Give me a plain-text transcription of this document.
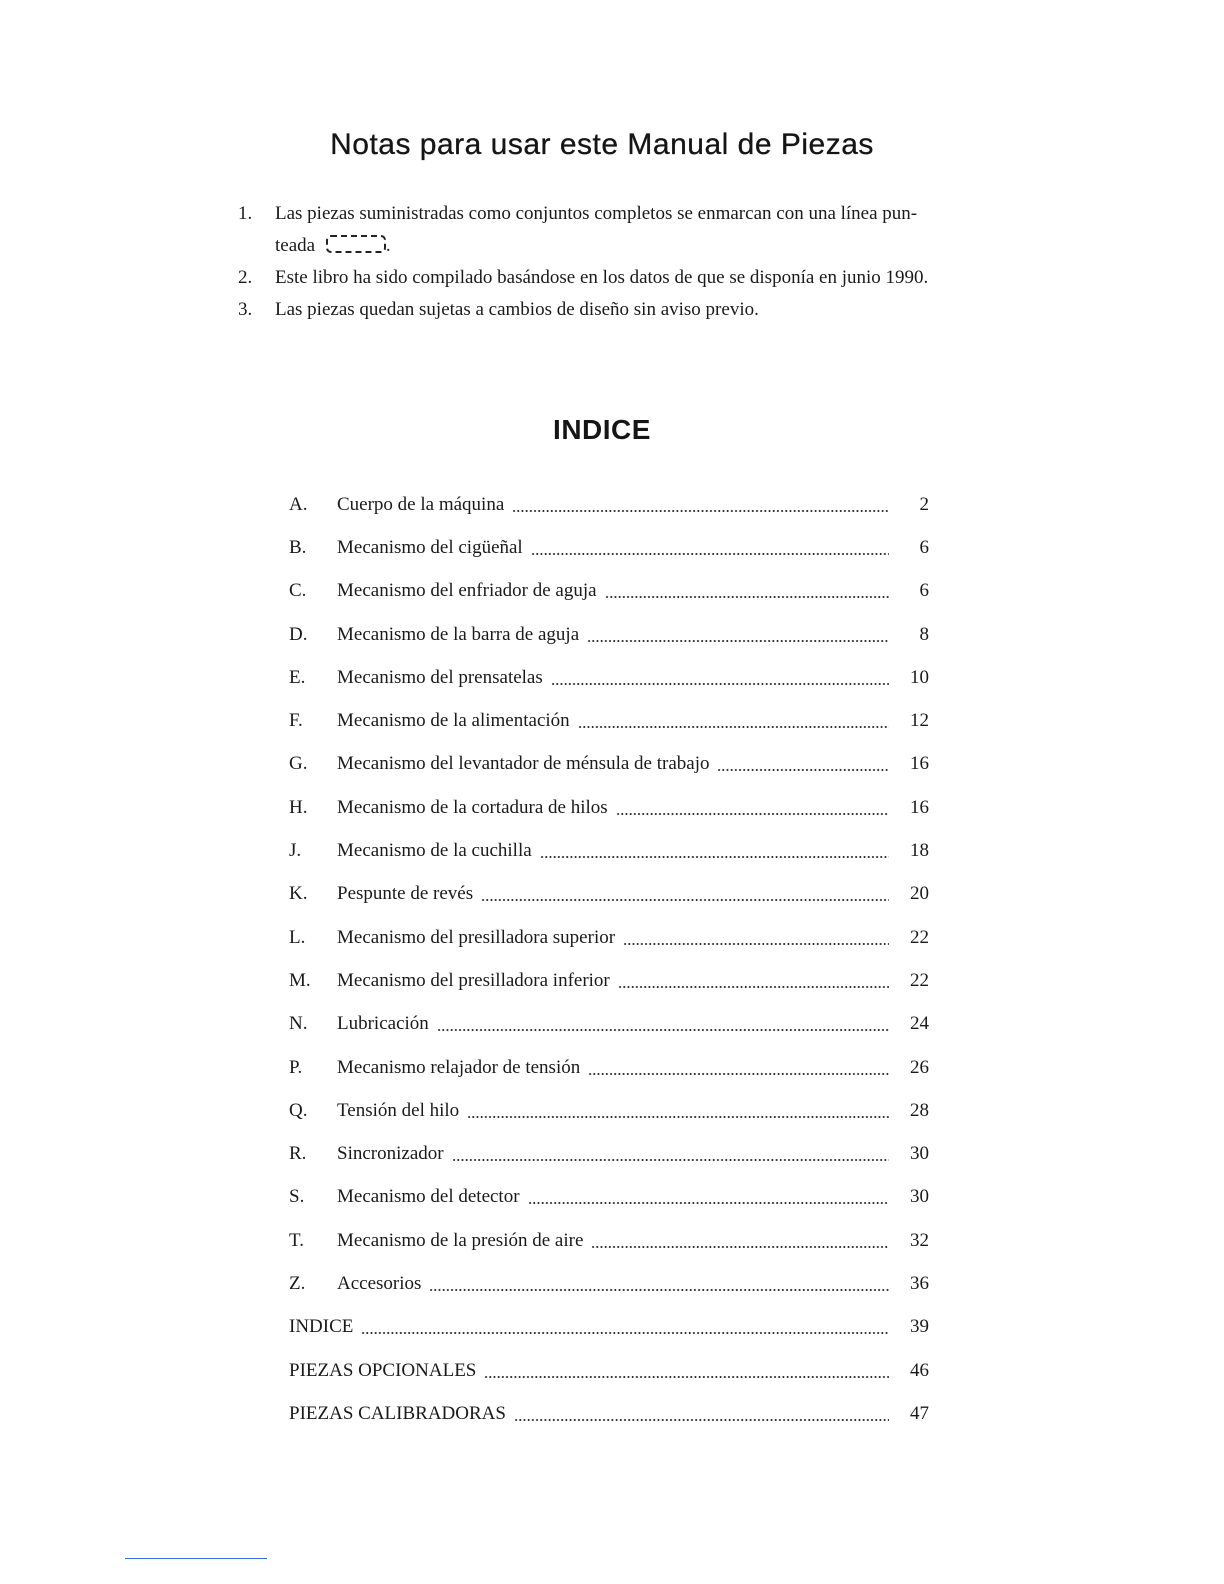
Notas para usar este Manual de Piezas
1.	Las piezas suministradas como conjuntos completos se enmarcan con una línea pun-
teada	.
2.	Este libro ha sido compilado basándose en los datos de que se disponía en junio 1990.
3.	Las piezas quedan sujetas a cambios de diseño sin aviso previo.
INDICE
A.	Cuerpo de la máquina	2
B.	Mecanismo del cigüeñal	6
C.	Mecanismo del enfriador de aguja	6
D.	Mecanismo de la barra de aguja	8
E.	Mecanismo del prensatelas	10
F.	Mecanismo de la alimentación	12
G.	Mecanismo del levantador de ménsula de trabajo	16
H.	Mecanismo de la cortadura de hilos	16
J.	Mecanismo de la cuchilla	18
K.	Pespunte de revés	20
L.	Mecanismo del presilladora superior	22
M.	Mecanismo del presilladora inferior	22
N.	Lubricación	24
P.	Mecanismo relajador de tensión	26
Q.	Tensión del hilo	28
R.	Sincronizador	30
S.	Mecanismo del detector	30
T.	Mecanismo de la presión de aire	32
Z.	Accesorios	36
INDICE	39
PIEZAS OPCIONALES	46
PIEZAS CALIBRADORAS	47
